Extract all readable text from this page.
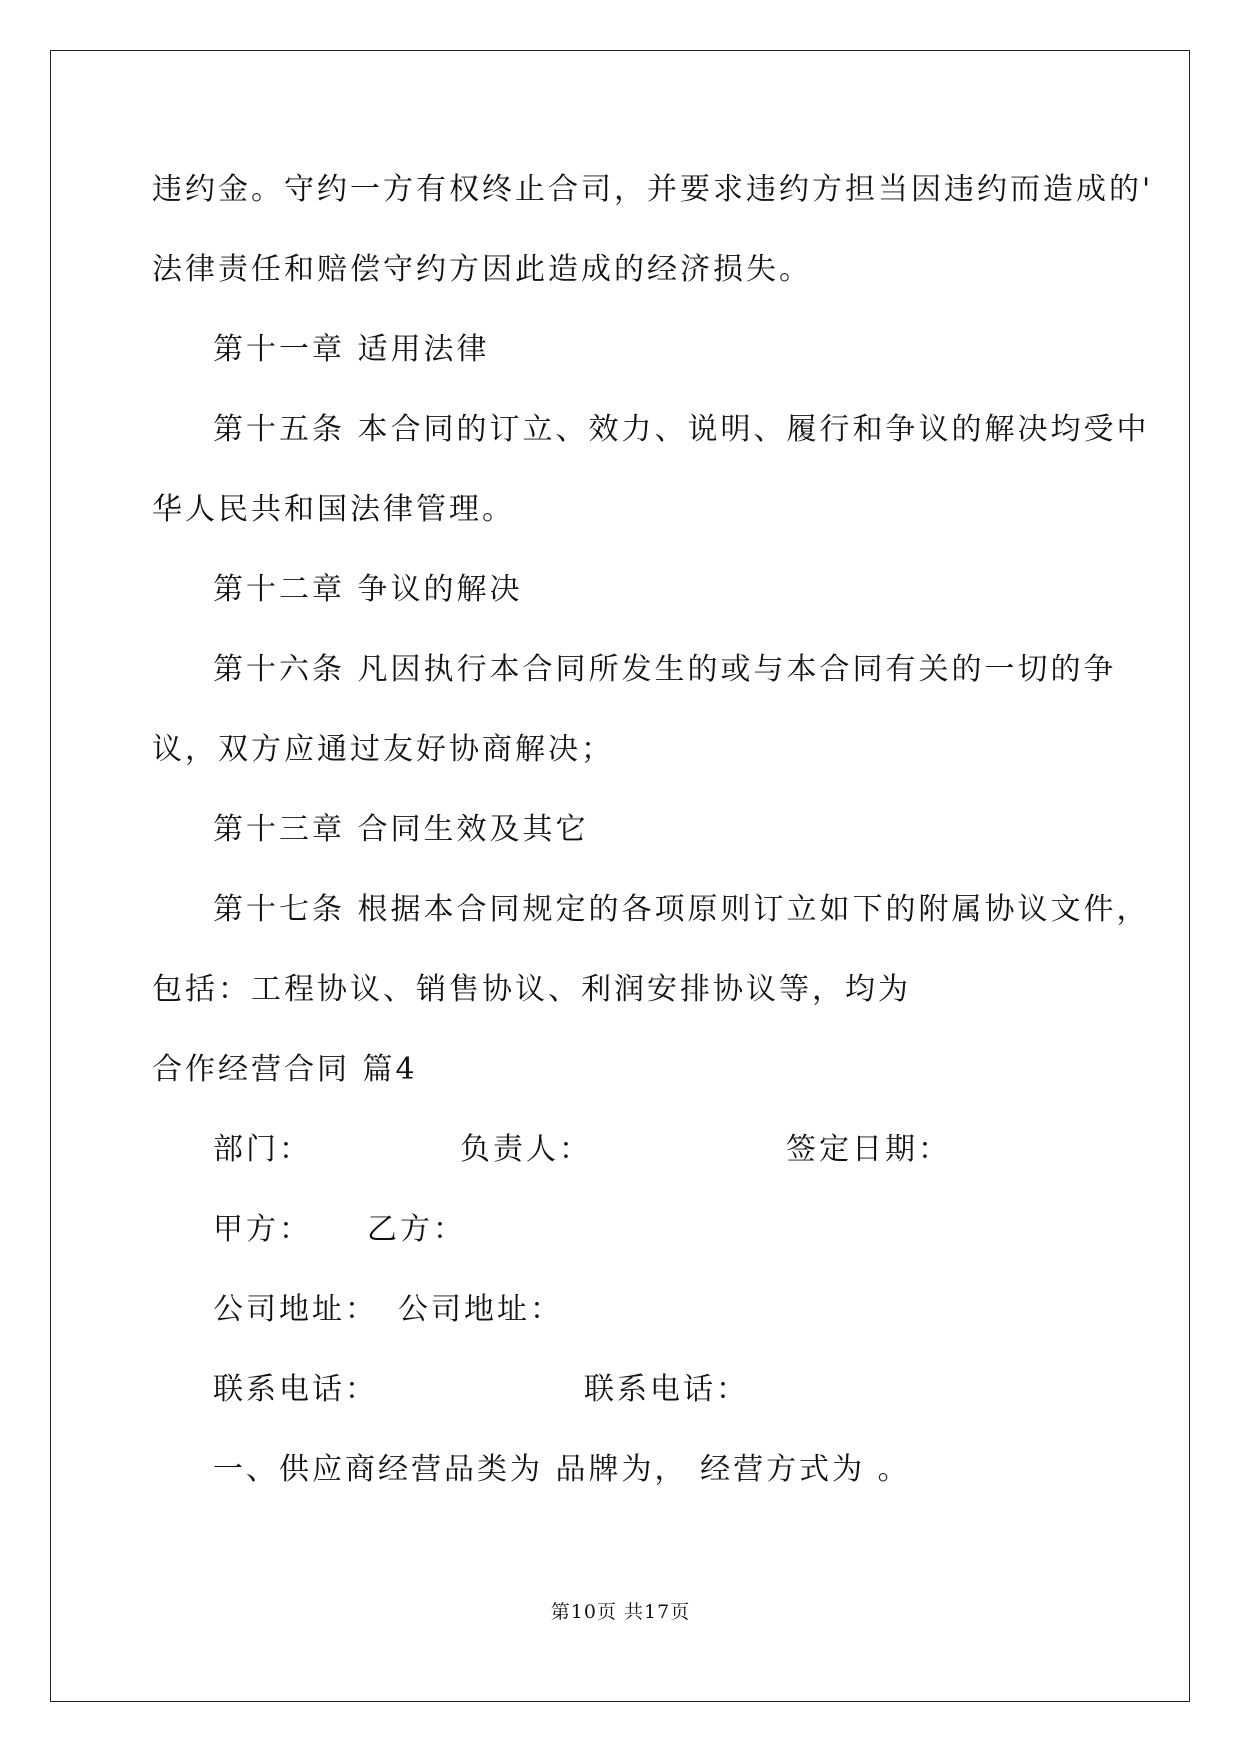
违约金。守约一方有权终止合司，并要求违约方担当因违约而造成的'
法律责任和赔偿守约方因此造成的经济损失。
第十一章 适用法律
第十五条 本合同的订立、效力、说明、履行和争议的解决均受中
华人民共和国法律管理。
第十二章 争议的解决
第十六条 凡因执行本合同所发生的或与本合同有关的一切的争
议，双方应通过友好协商解决；
第十三章 合同生效及其它
第十七条 根据本合同规定的各项原则订立如下的附属协议文件，
包括：工程协议、销售协议、利润安排协议等，均为
合作经营合同 篇4
部门：	负责人：	签定日期：
甲方： 乙方：
公司地址： 公司地址：
联系电话：	联系电话：
一、供应商经营品类为 品牌为， 经营方式为 。
第10页 共17页
